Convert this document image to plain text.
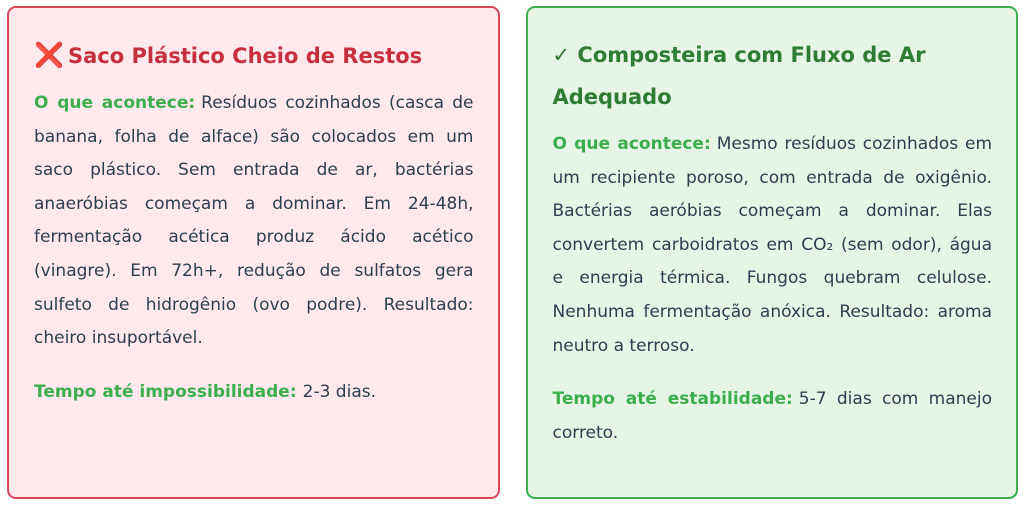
❌ Saco Plástico Cheio de Restos

O que acontece: Resíduos cozinhados (casca de banana, folha de alface) são colocados em um saco plástico. Sem entrada de ar, bactérias anaeróbias começam a dominar. Em 24-48h, fermentação acética produz ácido acético (vinagre). Em 72h+, redução de sulfatos gera sulfeto de hidrogênio (ovo podre). Resultado: cheiro insuportável.

Tempo até impossibilidade: 2-3 dias.

✓ Composteira com Fluxo de Ar Adequado

O que acontece: Mesmo resíduos cozinhados em um recipiente poroso, com entrada de oxigênio. Bactérias aeróbias começam a dominar. Elas convertem carboidratos em CO₂ (sem odor), água e energia térmica. Fungos quebram celulose. Nenhuma fermentação anóxica. Resultado: aroma neutro a terroso.

Tempo até estabilidade: 5-7 dias com manejo correto.
